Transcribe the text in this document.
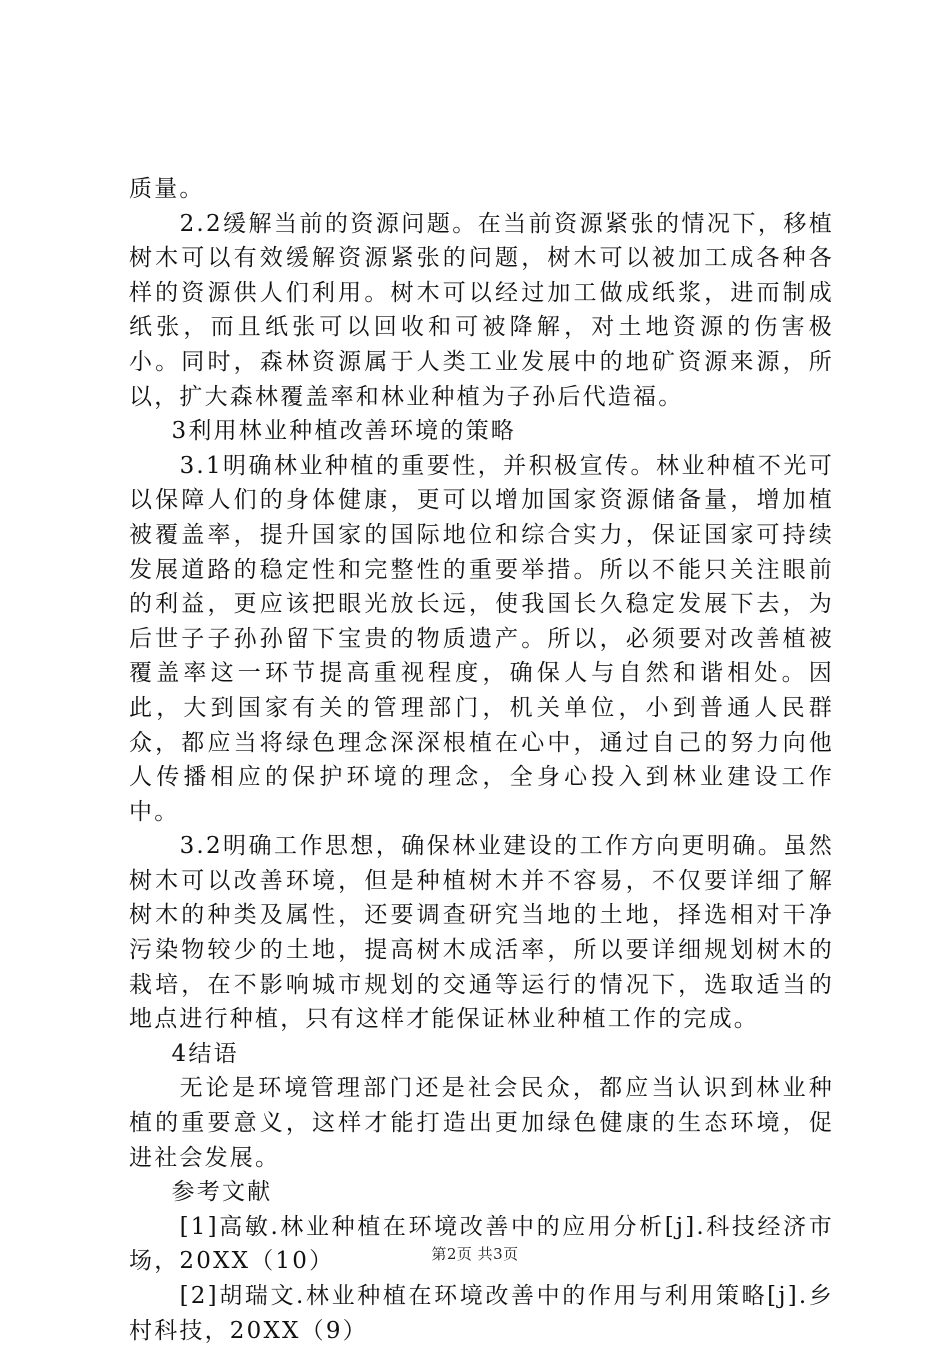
质量。

2.2缓解当前的资源问题。在当前资源紧张的情况下，移植树木可以有效缓解资源紧张的问题，树木可以被加工成各种各样的资源供人们利用。树木可以经过加工做成纸浆，进而制成纸张，而且纸张可以回收和可被降解，对土地资源的伤害极小。同时，森林资源属于人类工业发展中的地矿资源来源，所以，扩大森林覆盖率和林业种植为子孙后代造福。

3利用林业种植改善环境的策略

3.1明确林业种植的重要性，并积极宣传。林业种植不光可以保障人们的身体健康，更可以增加国家资源储备量，增加植被覆盖率，提升国家的国际地位和综合实力，保证国家可持续发展道路的稳定性和完整性的重要举措。所以不能只关注眼前的利益，更应该把眼光放长远，使我国长久稳定发展下去，为后世子子孙孙留下宝贵的物质遗产。所以，必须要对改善植被覆盖率这一环节提高重视程度，确保人与自然和谐相处。因此，大到国家有关的管理部门，机关单位，小到普通人民群众，都应当将绿色理念深深根植在心中，通过自己的努力向他人传播相应的保护环境的理念，全身心投入到林业建设工作中。

3.2明确工作思想，确保林业建设的工作方向更明确。虽然树木可以改善环境，但是种植树木并不容易，不仅要详细了解树木的种类及属性，还要调查研究当地的土地，择选相对干净污染物较少的土地，提高树木成活率，所以要详细规划树木的栽培，在不影响城市规划的交通等运行的情况下，选取适当的地点进行种植，只有这样才能保证林业种植工作的完成。

4结语

无论是环境管理部门还是社会民众，都应当认识到林业种植的重要意义，这样才能打造出更加绿色健康的生态环境，促进社会发展。

参考文献

[1]高敏.林业种植在环境改善中的应用分析[j].科技经济市场，20XX（10）

[2]胡瑞文.林业种植在环境改善中的作用与利用策略[j].乡村科技，20XX（9）

第2页 共3页
